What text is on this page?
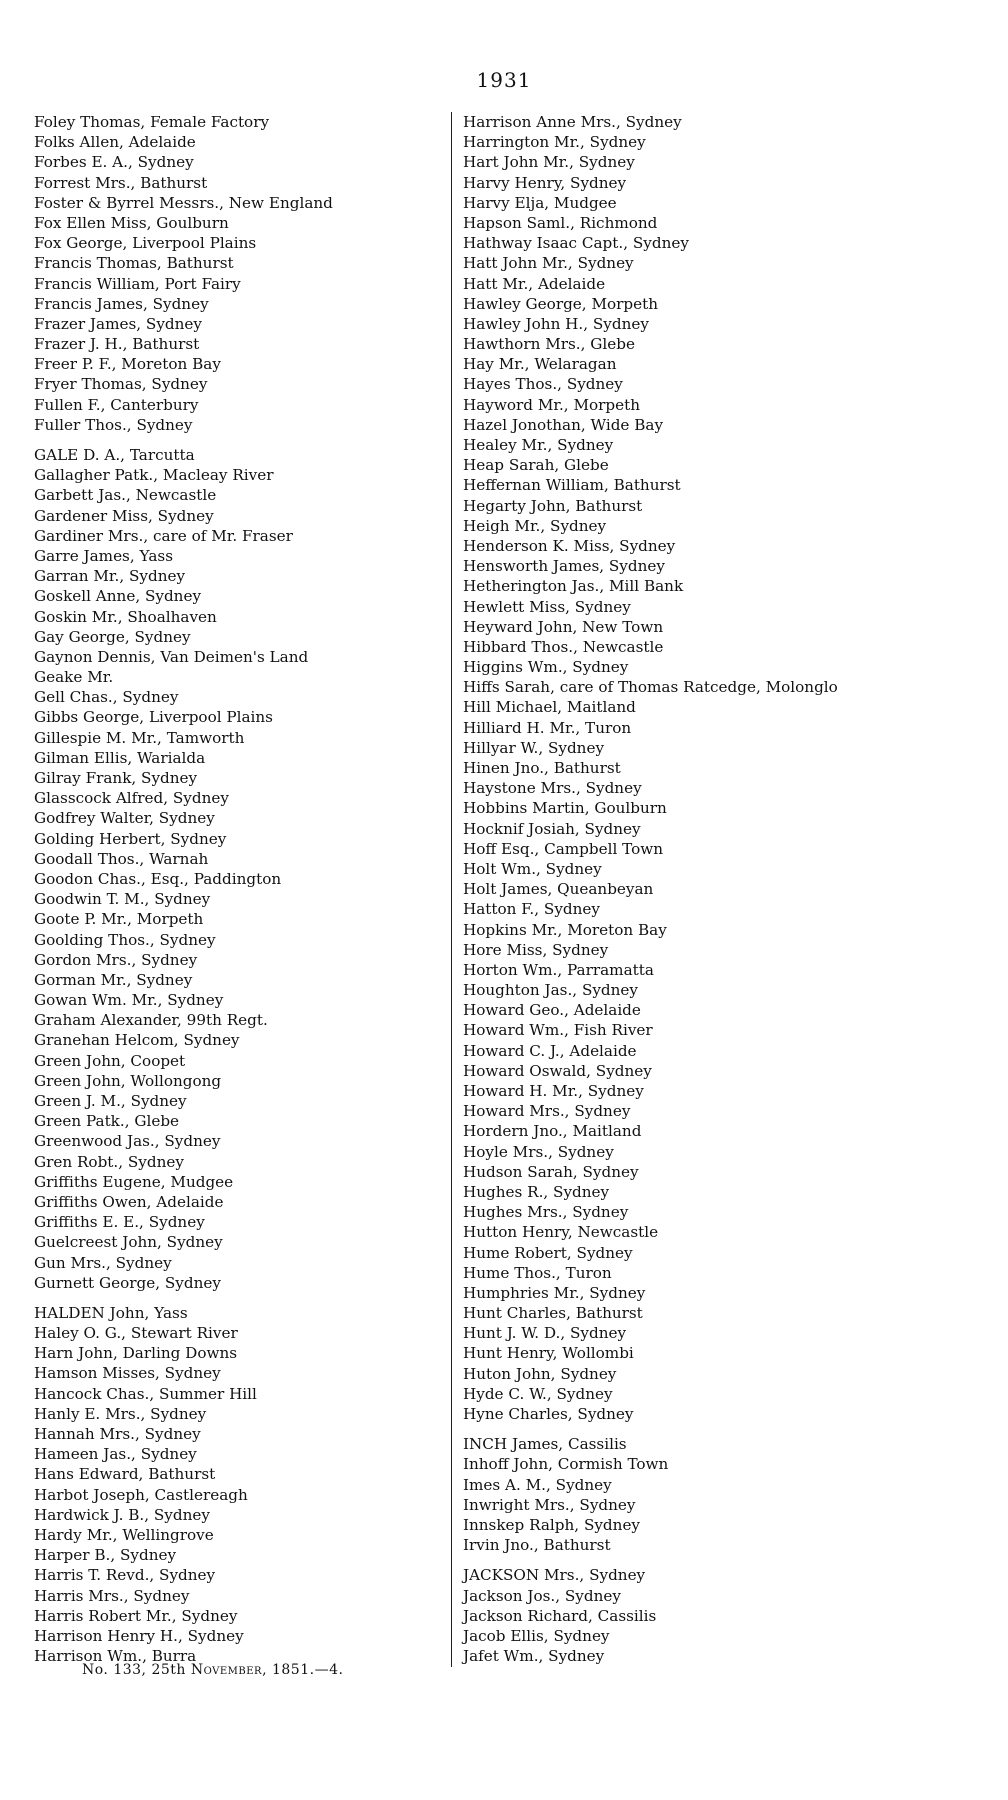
1931
Foley Thomas, Female Factory
Folks Allen, Adelaide
Forbes E. A., Sydney
Forrest Mrs., Bathurst
Foster & Byrrel Messrs., New England
Fox Ellen Miss, Goulburn
Fox George, Liverpool Plains
Francis Thomas, Bathurst
Francis William, Port Fairy
Francis James, Sydney
Frazer James, Sydney
Frazer J. H., Bathurst
Freer P. F., Moreton Bay
Fryer Thomas, Sydney
Fullen F., Canterbury
Fuller Thos., Sydney
GALE D. A., Tarcutta
Gallagher Patk., Macleay River
Garbett Jas., Newcastle
Gardener Miss, Sydney
Gardiner Mrs., care of Mr. Fraser
Garre James, Yass
Garran Mr., Sydney
Goskell Anne, Sydney
Goskin Mr., Shoalhaven
Gay George, Sydney
Gaynon Dennis, Van Deimen's Land
Geake Mr.
Gell Chas., Sydney
Gibbs George, Liverpool Plains
Gillespie M. Mr., Tamworth
Gilman Ellis, Warialda
Gilray Frank, Sydney
Glasscock Alfred, Sydney
Godfrey Walter, Sydney
Golding Herbert, Sydney
Goodall Thos., Warnah
Goodon Chas., Esq., Paddington
Goodwin T. M., Sydney
Goote P. Mr., Morpeth
Goolding Thos., Sydney
Gordon Mrs., Sydney
Gorman Mr., Sydney
Gowan Wm. Mr., Sydney
Graham Alexander, 99th Regt.
Granehan Helcom, Sydney
Green John, Coopet
Green John, Wollongong
Green J. M., Sydney
Green Patk., Glebe
Greenwood Jas., Sydney
Gren Robt., Sydney
Griffiths Eugene, Mudgee
Griffiths Owen, Adelaide
Griffiths E. E., Sydney
Guelcreest John, Sydney
Gun Mrs., Sydney
Gurnett George, Sydney
HALDEN John, Yass
Haley O. G., Stewart River
Harn John, Darling Downs
Hamson Misses, Sydney
Hancock Chas., Summer Hill
Hanly E. Mrs., Sydney
Hannah Mrs., Sydney
Hameen Jas., Sydney
Hans Edward, Bathurst
Harbot Joseph, Castlereagh
Hardwick J. B., Sydney
Hardy Mr., Wellingrove
Harper B., Sydney
Harris T. Revd., Sydney
Harris Mrs., Sydney
Harris Robert Mr., Sydney
Harrison Henry H., Sydney
Harrison Wm., Burra
Harrison Anne Mrs., Sydney
Harrington Mr., Sydney
Hart John Mr., Sydney
Harvy Henry, Sydney
Harvy Elja, Mudgee
Hapson Saml., Richmond
Hathway Isaac Capt., Sydney
Hatt John Mr., Sydney
Hatt Mr., Adelaide
Hawley George, Morpeth
Hawley John H., Sydney
Hawthorn Mrs., Glebe
Hay Mr., Welaragan
Hayes Thos., Sydney
Hayword Mr., Morpeth
Hazel Jonothan, Wide Bay
Healey Mr., Sydney
Heap Sarah, Glebe
Heffernan William, Bathurst
Hegarty John, Bathurst
Heigh Mr., Sydney
Henderson K. Miss, Sydney
Hensworth James, Sydney
Hetherington Jas., Mill Bank
Hewlett Miss, Sydney
Heyward John, New Town
Hibbard Thos., Newcastle
Higgins Wm., Sydney
Hiffs Sarah, care of Thomas Ratcedge, Molonglo
Hill Michael, Maitland
Hilliard H. Mr., Turon
Hillyar W., Sydney
Hinen Jno., Bathurst
Haystone Mrs., Sydney
Hobbins Martin, Goulburn
Hocknif Josiah, Sydney
Hoff Esq., Campbell Town
Holt Wm., Sydney
Holt James, Queanbeyan
Hatton F., Sydney
Hopkins Mr., Moreton Bay
Hore Miss, Sydney
Horton Wm., Parramatta
Houghton Jas., Sydney
Howard Geo., Adelaide
Howard Wm., Fish River
Howard C. J., Adelaide
Howard Oswald, Sydney
Howard H. Mr., Sydney
Howard Mrs., Sydney
Hordern Jno., Maitland
Hoyle Mrs., Sydney
Hudson Sarah, Sydney
Hughes R., Sydney
Hughes Mrs., Sydney
Hutton Henry, Newcastle
Hume Robert, Sydney
Hume Thos., Turon
Humphries Mr., Sydney
Hunt Charles, Bathurst
Hunt J. W. D., Sydney
Hunt Henry, Wollombi
Huton John, Sydney
Hyde C. W., Sydney
Hyne Charles, Sydney
INCH James, Cassilis
Inhoff John, Cormish Town
Imes A. M., Sydney
Inwright Mrs., Sydney
Innskep Ralph, Sydney
Irvin Jno., Bathurst
JACKSON Mrs., Sydney
Jackson Jos., Sydney
Jackson Richard, Cassilis
Jacob Ellis, Sydney
Jafet Wm., Sydney
No. 133, 25th November, 1851.—4.
